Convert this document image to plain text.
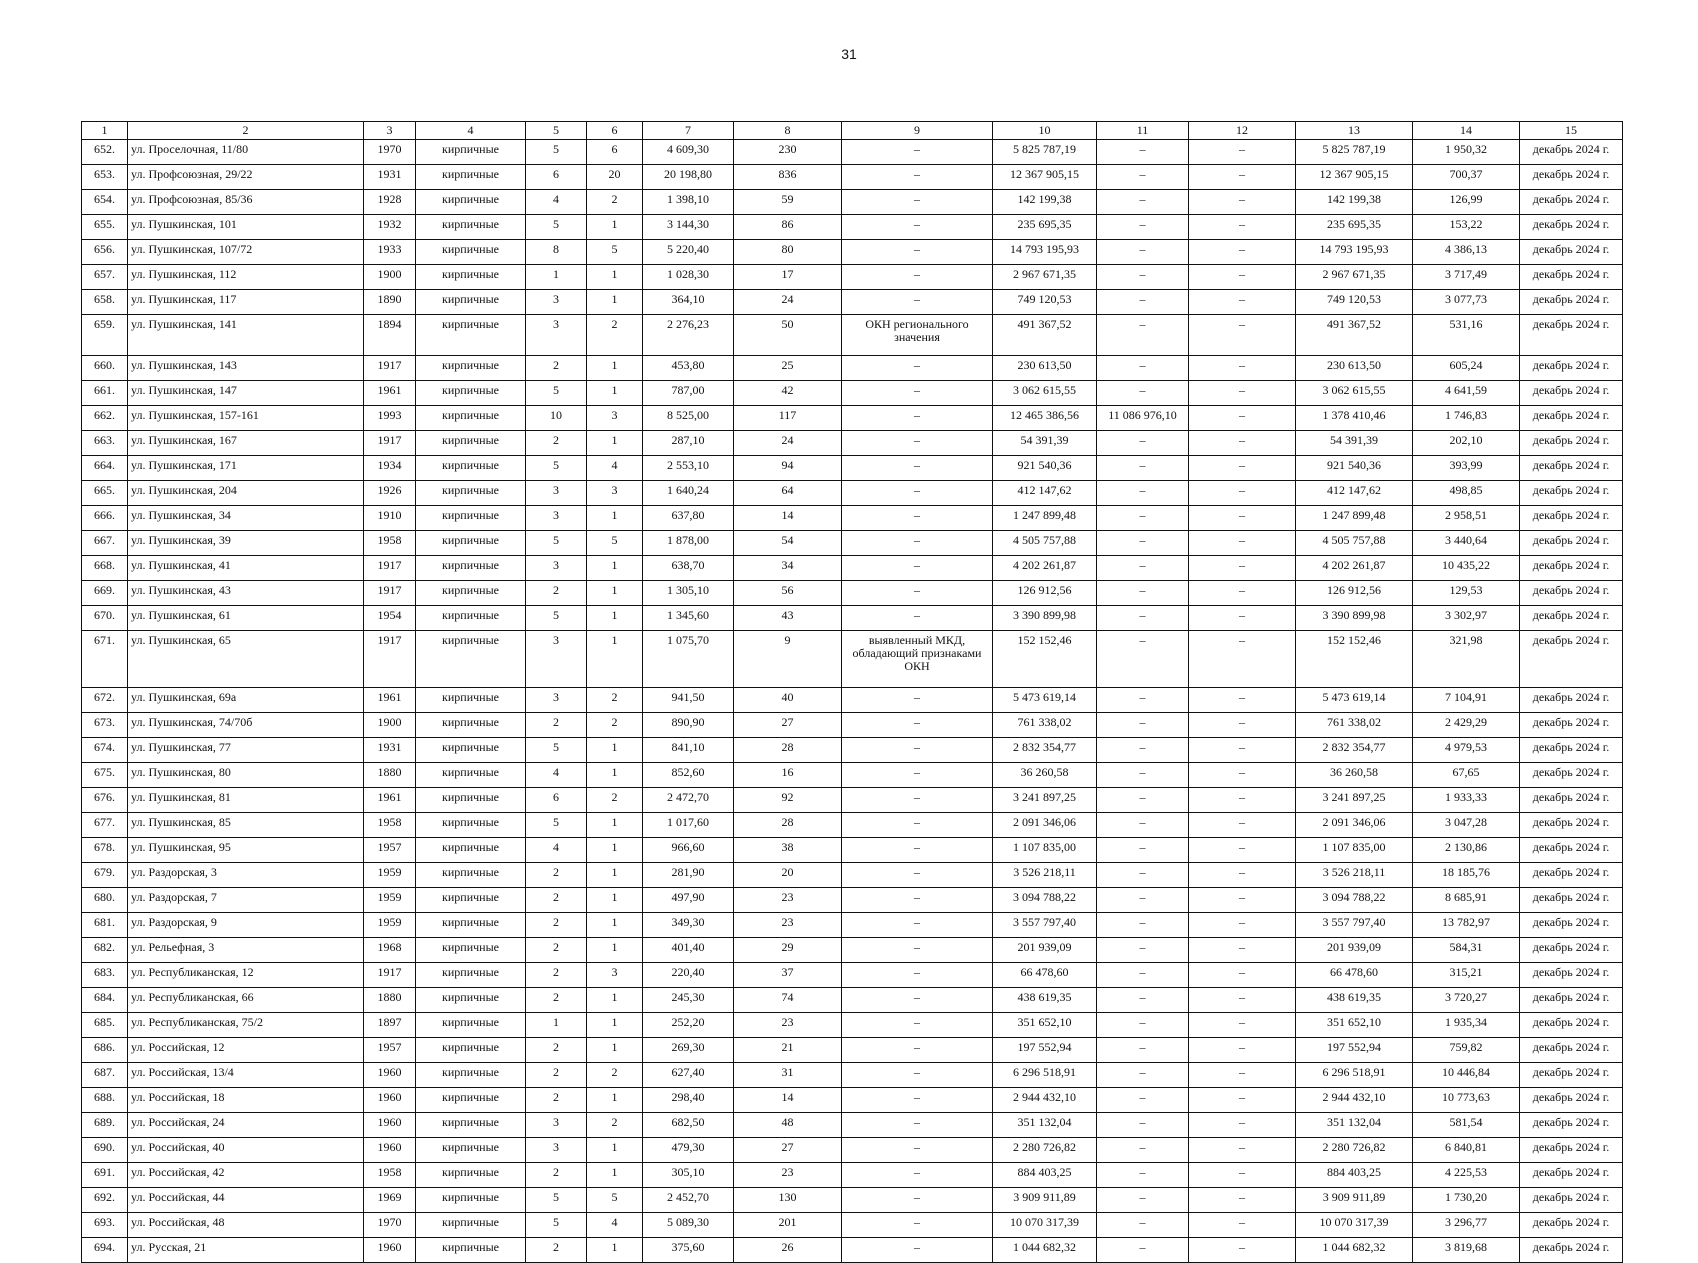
31
1	2	3	4	5	6	7	8	9	10	11	12	13	14	15
652.	ул. Проселочная, 11/80	1970	кирпичные	5	6	4 609,30	230	–	5 825 787,19	–	–	5 825 787,19	1 950,32	декабрь 2024 г.
653.	ул. Профсоюзная, 29/22	1931	кирпичные	6	20	20 198,80	836	–	12 367 905,15	–	–	12 367 905,15	700,37	декабрь 2024 г.
654.	ул. Профсоюзная, 85/36	1928	кирпичные	4	2	1 398,10	59	–	142 199,38	–	–	142 199,38	126,99	декабрь 2024 г.
655.	ул. Пушкинская, 101	1932	кирпичные	5	1	3 144,30	86	–	235 695,35	–	–	235 695,35	153,22	декабрь 2024 г.
656.	ул. Пушкинская, 107/72	1933	кирпичные	8	5	5 220,40	80	–	14 793 195,93	–	–	14 793 195,93	4 386,13	декабрь 2024 г.
657.	ул. Пушкинская, 112	1900	кирпичные	1	1	1 028,30	17	–	2 967 671,35	–	–	2 967 671,35	3 717,49	декабрь 2024 г.
658.	ул. Пушкинская, 117	1890	кирпичные	3	1	364,10	24	–	749 120,53	–	–	749 120,53	3 077,73	декабрь 2024 г.
659.	ул. Пушкинская, 141	1894	кирпичные	3	2	2 276,23	50	ОКН регионального значения	491 367,52	–	–	491 367,52	531,16	декабрь 2024 г.
660.	ул. Пушкинская, 143	1917	кирпичные	2	1	453,80	25	–	230 613,50	–	–	230 613,50	605,24	декабрь 2024 г.
661.	ул. Пушкинская, 147	1961	кирпичные	5	1	787,00	42	–	3 062 615,55	–	–	3 062 615,55	4 641,59	декабрь 2024 г.
662.	ул. Пушкинская, 157-161	1993	кирпичные	10	3	8 525,00	117	–	12 465 386,56	11 086 976,10	–	1 378 410,46	1 746,83	декабрь 2024 г.
663.	ул. Пушкинская, 167	1917	кирпичные	2	1	287,10	24	–	54 391,39	–	–	54 391,39	202,10	декабрь 2024 г.
664.	ул. Пушкинская, 171	1934	кирпичные	5	4	2 553,10	94	–	921 540,36	–	–	921 540,36	393,99	декабрь 2024 г.
665.	ул. Пушкинская, 204	1926	кирпичные	3	3	1 640,24	64	–	412 147,62	–	–	412 147,62	498,85	декабрь 2024 г.
666.	ул. Пушкинская, 34	1910	кирпичные	3	1	637,80	14	–	1 247 899,48	–	–	1 247 899,48	2 958,51	декабрь 2024 г.
667.	ул. Пушкинская, 39	1958	кирпичные	5	5	1 878,00	54	–	4 505 757,88	–	–	4 505 757,88	3 440,64	декабрь 2024 г.
668.	ул. Пушкинская, 41	1917	кирпичные	3	1	638,70	34	–	4 202 261,87	–	–	4 202 261,87	10 435,22	декабрь 2024 г.
669.	ул. Пушкинская, 43	1917	кирпичные	2	1	1 305,10	56	–	126 912,56	–	–	126 912,56	129,53	декабрь 2024 г.
670.	ул. Пушкинская, 61	1954	кирпичные	5	1	1 345,60	43	–	3 390 899,98	–	–	3 390 899,98	3 302,97	декабрь 2024 г.
671.	ул. Пушкинская, 65	1917	кирпичные	3	1	1 075,70	9	выявленный МКД, обладающий признаками ОКН	152 152,46	–	–	152 152,46	321,98	декабрь 2024 г.
672.	ул. Пушкинская, 69а	1961	кирпичные	3	2	941,50	40	–	5 473 619,14	–	–	5 473 619,14	7 104,91	декабрь 2024 г.
673.	ул. Пушкинская, 74/70б	1900	кирпичные	2	2	890,90	27	–	761 338,02	–	–	761 338,02	2 429,29	декабрь 2024 г.
674.	ул. Пушкинская, 77	1931	кирпичные	5	1	841,10	28	–	2 832 354,77	–	–	2 832 354,77	4 979,53	декабрь 2024 г.
675.	ул. Пушкинская, 80	1880	кирпичные	4	1	852,60	16	–	36 260,58	–	–	36 260,58	67,65	декабрь 2024 г.
676.	ул. Пушкинская, 81	1961	кирпичные	6	2	2 472,70	92	–	3 241 897,25	–	–	3 241 897,25	1 933,33	декабрь 2024 г.
677.	ул. Пушкинская, 85	1958	кирпичные	5	1	1 017,60	28	–	2 091 346,06	–	–	2 091 346,06	3 047,28	декабрь 2024 г.
678.	ул. Пушкинская, 95	1957	кирпичные	4	1	966,60	38	–	1 107 835,00	–	–	1 107 835,00	2 130,86	декабрь 2024 г.
679.	ул. Раздорская, 3	1959	кирпичные	2	1	281,90	20	–	3 526 218,11	–	–	3 526 218,11	18 185,76	декабрь 2024 г.
680.	ул. Раздорская, 7	1959	кирпичные	2	1	497,90	23	–	3 094 788,22	–	–	3 094 788,22	8 685,91	декабрь 2024 г.
681.	ул. Раздорская, 9	1959	кирпичные	2	1	349,30	23	–	3 557 797,40	–	–	3 557 797,40	13 782,97	декабрь 2024 г.
682.	ул. Рельефная, 3	1968	кирпичные	2	1	401,40	29	–	201 939,09	–	–	201 939,09	584,31	декабрь 2024 г.
683.	ул. Республиканская, 12	1917	кирпичные	2	3	220,40	37	–	66 478,60	–	–	66 478,60	315,21	декабрь 2024 г.
684.	ул. Республиканская, 66	1880	кирпичные	2	1	245,30	74	–	438 619,35	–	–	438 619,35	3 720,27	декабрь 2024 г.
685.	ул. Республиканская, 75/2	1897	кирпичные	1	1	252,20	23	–	351 652,10	–	–	351 652,10	1 935,34	декабрь 2024 г.
686.	ул. Российская, 12	1957	кирпичные	2	1	269,30	21	–	197 552,94	–	–	197 552,94	759,82	декабрь 2024 г.
687.	ул. Российская, 13/4	1960	кирпичные	2	2	627,40	31	–	6 296 518,91	–	–	6 296 518,91	10 446,84	декабрь 2024 г.
688.	ул. Российская, 18	1960	кирпичные	2	1	298,40	14	–	2 944 432,10	–	–	2 944 432,10	10 773,63	декабрь 2024 г.
689.	ул. Российская, 24	1960	кирпичные	3	2	682,50	48	–	351 132,04	–	–	351 132,04	581,54	декабрь 2024 г.
690.	ул. Российская, 40	1960	кирпичные	3	1	479,30	27	–	2 280 726,82	–	–	2 280 726,82	6 840,81	декабрь 2024 г.
691.	ул. Российская, 42	1958	кирпичные	2	1	305,10	23	–	884 403,25	–	–	884 403,25	4 225,53	декабрь 2024 г.
692.	ул. Российская, 44	1969	кирпичные	5	5	2 452,70	130	–	3 909 911,89	–	–	3 909 911,89	1 730,20	декабрь 2024 г.
693.	ул. Российская, 48	1970	кирпичные	5	4	5 089,30	201	–	10 070 317,39	–	–	10 070 317,39	3 296,77	декабрь 2024 г.
694.	ул. Русская, 21	1960	кирпичные	2	1	375,60	26	–	1 044 682,32	–	–	1 044 682,32	3 819,68	декабрь 2024 г.
